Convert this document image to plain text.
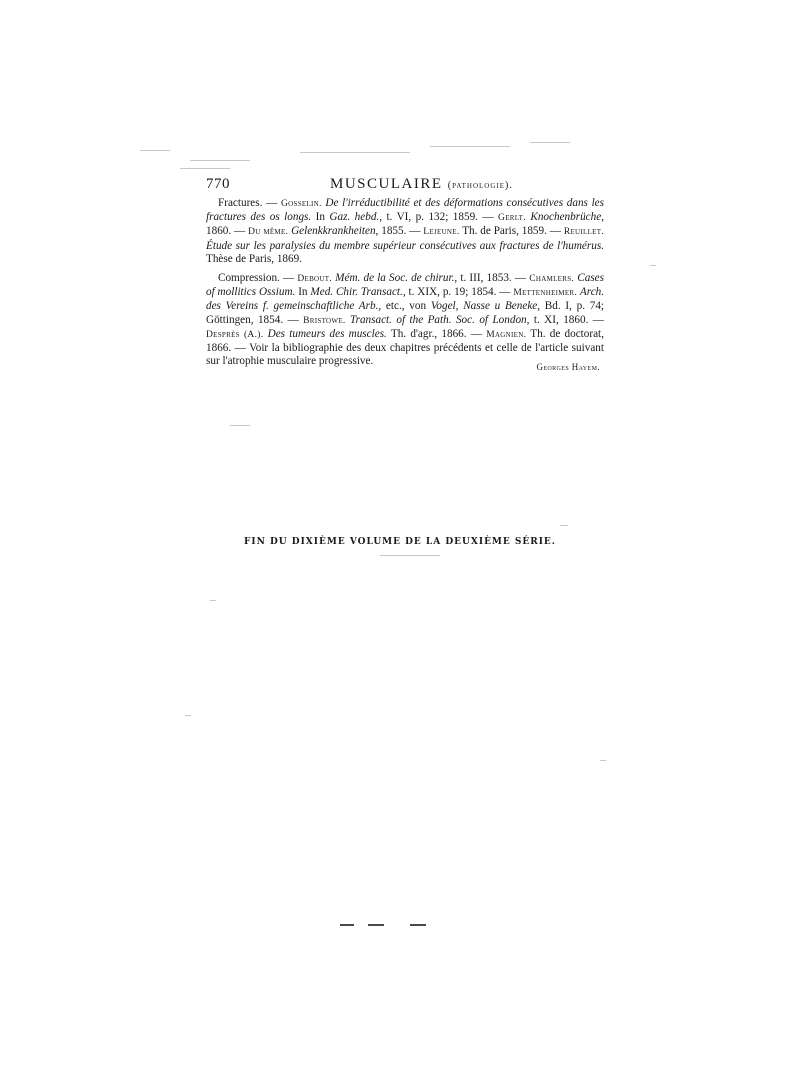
770	MUSCULAIRE (pathologie).

Fractures. — Gosselin. De l'irréductibilité et des déformations consécutives dans les fractures des os longs. In Gaz. hebd., t. VI, p. 132; 1859. — Gerlt. Knochenbrüche, 1860. — Du même. Gelenkkrankheiten, 1855. — Lejeune. Th. de Paris, 1859. — Reuillet. Étude sur les paralysies du membre supérieur consécutives aux fractures de l'humérus. Thèse de Paris, 1869.

Compression. — Debout. Mém. de la Soc. de chirur., t. III, 1853. — Chamlers. Cases of mollitics Ossium. In Med. Chir. Transact., t. XIX, p. 19; 1854. — Mettenheimer. Arch. des Vereins f. gemeinschaftliche Arb., etc., von Vogel, Nasse u Beneke, Bd. I, p. 74; Göttingen, 1854. — Bristowe. Transact. of the Path. Soc. of London, t. XI, 1860. — Desprès (A.). Des tumeurs des muscles. Th. d'agr., 1866. — Magnien. Th. de doctorat, 1866. — Voir la bibliographie des deux chapitres précédents et celle de l'article suivant sur l'atrophie musculaire progressive.

Georges Hayem.
FIN DU DIXIÈME VOLUME DE LA DEUXIÈME SÉRIE.
